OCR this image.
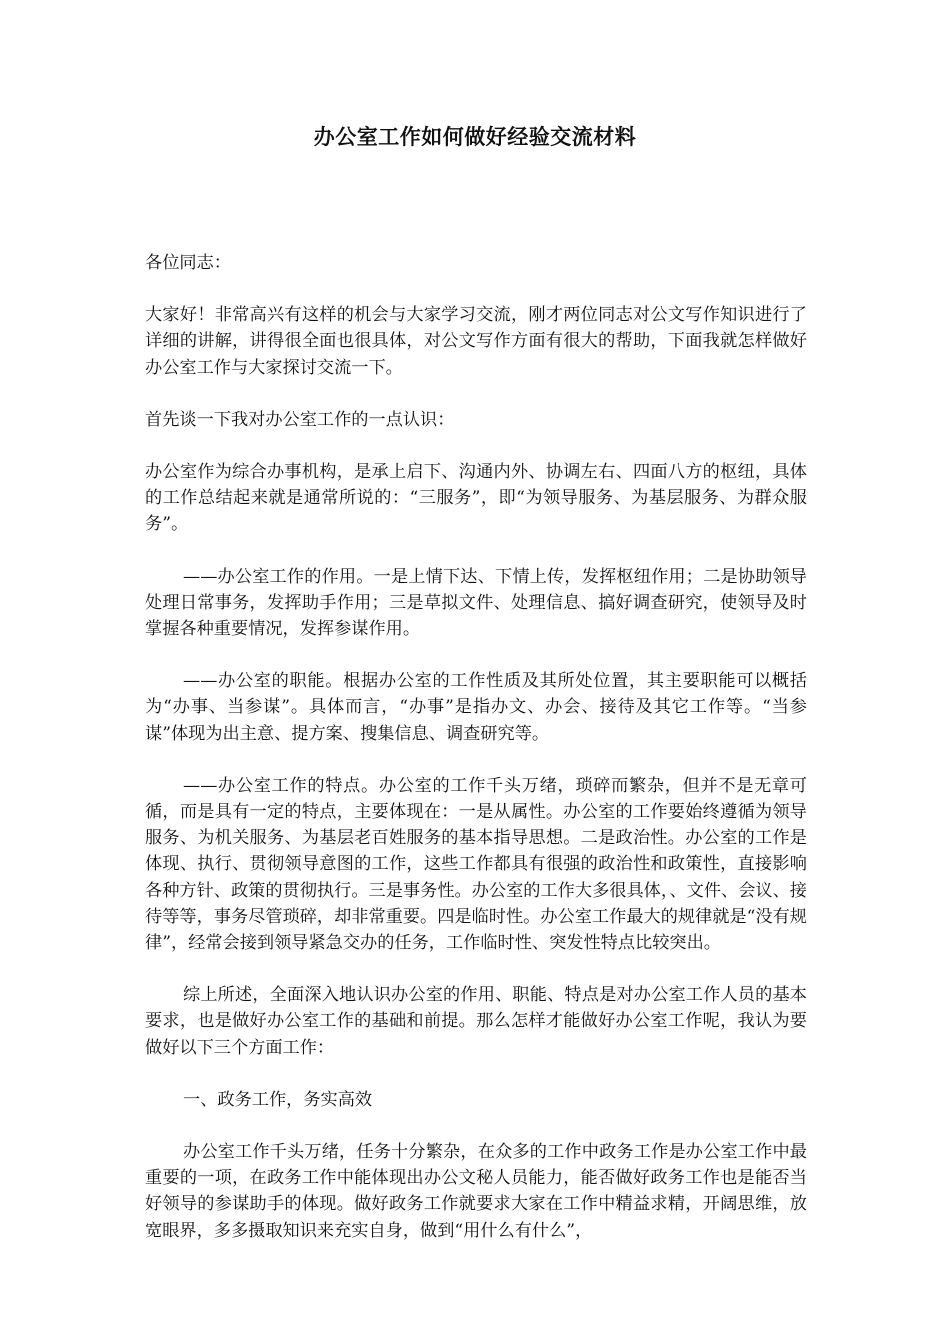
办公室工作如何做好经验交流材料

各位同志：

大家好！非常高兴有这样的机会与大家学习交流，刚才两位同志对公文写作知识进行了详细的讲解，讲得很全面也很具体，对公文写作方面有很大的帮助，下面我就怎样做好办公室工作与大家探讨交流一下。

首先谈一下我对办公室工作的一点认识：

办公室作为综合办事机构，是承上启下、沟通内外、协调左右、四面八方的枢纽，具体的工作总结起来就是通常所说的：“三服务”，即“为领导服务、为基层服务、为群众服务”。

——办公室工作的作用。一是上情下达、下情上传，发挥枢纽作用；二是协助领导处理日常事务，发挥助手作用；三是草拟文件、处理信息、搞好调查研究，使领导及时掌握各种重要情况，发挥参谋作用。

——办公室的职能。根据办公室的工作性质及其所处位置，其主要职能可以概括为“办事、当参谋”。具体而言，“办事”是指办文、办会、接待及其它工作等。“当参谋”体现为出主意、提方案、搜集信息、调查研究等。

——办公室工作的特点。办公室的工作千头万绪，琐碎而繁杂，但并不是无章可循，而是具有一定的特点，主要体现在：一是从属性。办公室的工作要始终遵循为领导服务、为机关服务、为基层老百姓服务的基本指导思想。二是政治性。办公室的工作是体现、执行、贯彻领导意图的工作，这些工作都具有很强的政治性和政策性，直接影响各种方针、政策的贯彻执行。三是事务性。办公室的工作大多很具体，、文件、会议、接待等等，事务尽管琐碎，却非常重要。四是临时性。办公室工作最大的规律就是“没有规律”，经常会接到领导紧急交办的任务，工作临时性、突发性特点比较突出。

综上所述，全面深入地认识办公室的作用、职能、特点是对办公室工作人员的基本要求，也是做好办公室工作的基础和前提。那么怎样才能做好办公室工作呢，我认为要做好以下三个方面工作：

一、政务工作，务实高效

办公室工作千头万绪，任务十分繁杂，在众多的工作中政务工作是办公室工作中最重要的一项，在政务工作中能体现出办公文秘人员能力，能否做好政务工作也是能否当好领导的参谋助手的体现。做好政务工作就要求大家在工作中精益求精，开阔思维，放宽眼界，多多摄取知识来充实自身，做到“用什么有什么”，
